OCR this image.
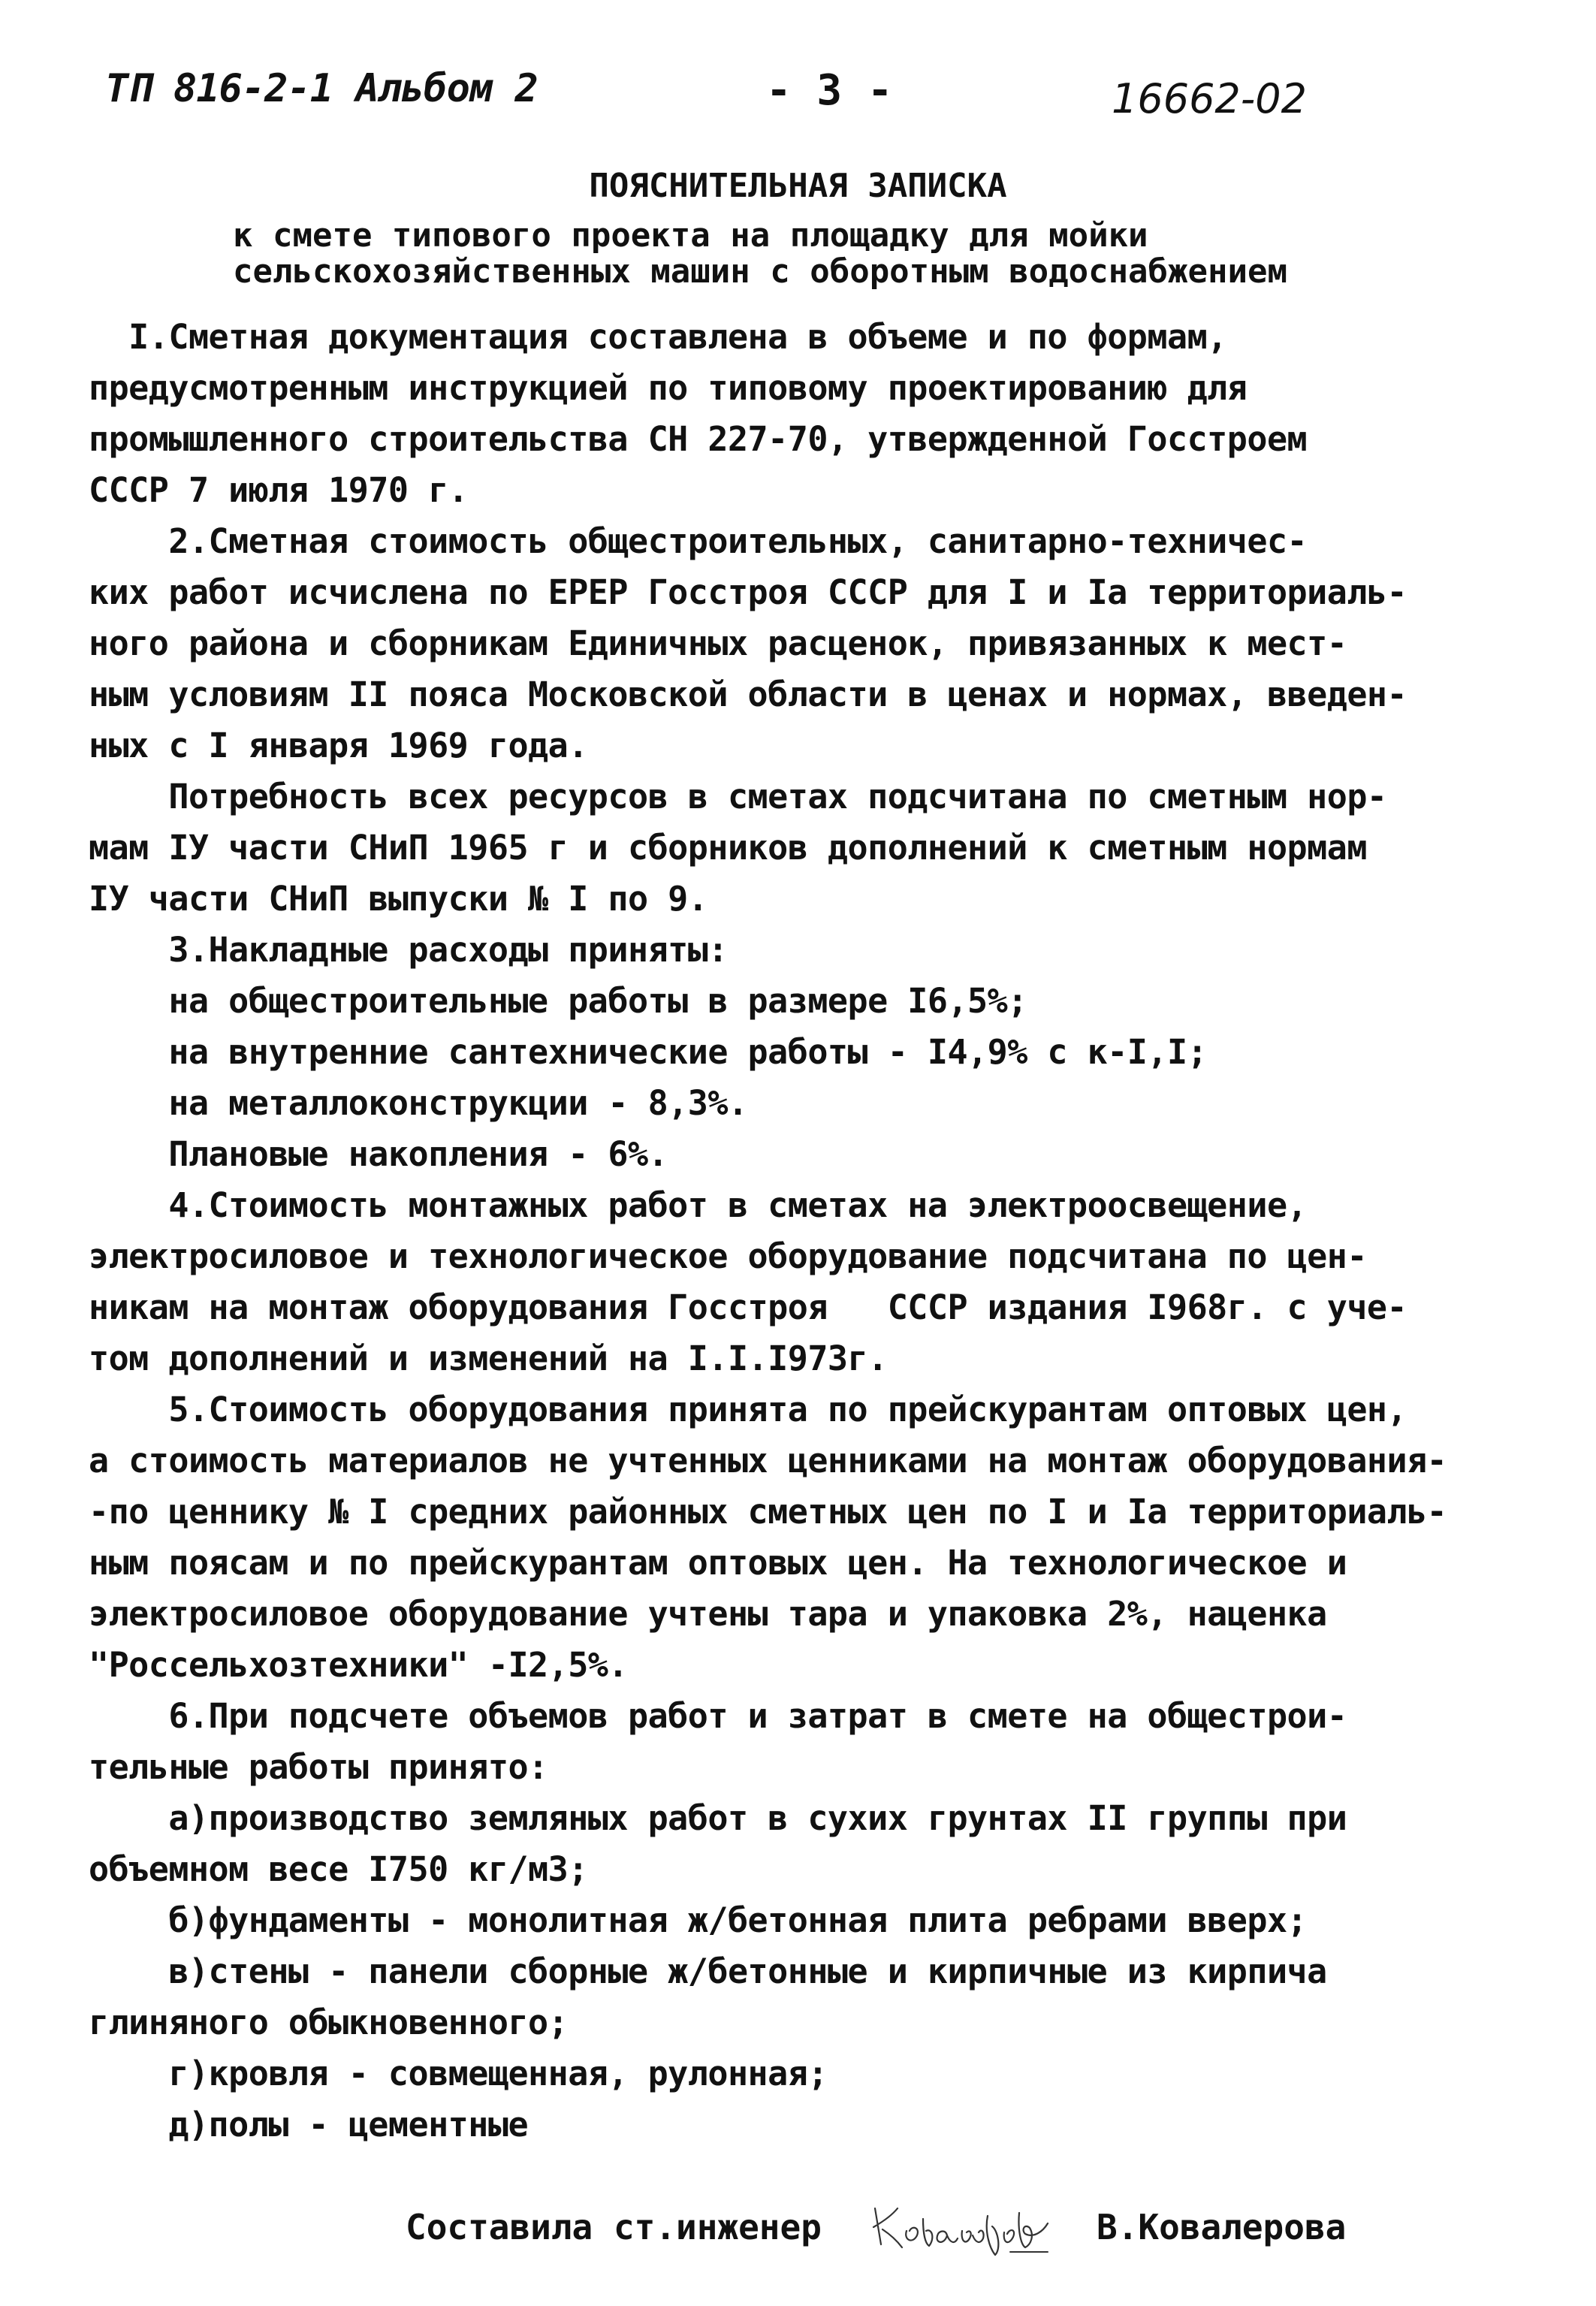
ТП 816-2-1 Альбом 2	- 3 -	16662-02
ПОЯСНИТЕЛЬНАЯ ЗАПИСКА
к смете типового проекта на площадку для мойки
сельскохозяйственных машин с оборотным водоснабжением
I.Сметная документация составлена в объеме и по формам,
предусмотренным инструкцией по типовому проектированию для
промышленного строительства СН 227-70, утвержденной Госстроем
СССР 7 июля 1970 г.
2.Сметная стоимость общестроительных, санитарно-техничес-
ких работ исчислена по ЕРЕР Госстроя СССР для I и Iа территориаль-
ного района и сборникам Единичных расценок, привязанных к мест-
ным условиям II пояса Московской области в ценах и нормах, введен-
ных с I января 1969 года.
Потребность всех ресурсов в сметах подсчитана по сметным нор-
мам IУ части СНиП 1965 г и сборников дополнений к сметным нормам
IУ части СНиП выпуски № I по 9.
3.Накладные расходы приняты:
на общестроительные работы в размере I6,5%;
на внутренние сантехнические работы - I4,9% с к-I,I;
на металлоконструкции - 8,3%.
Плановые накопления - 6%.
4.Стоимость монтажных работ в сметах на электроосвещение,
электросиловое и технологическое оборудование подсчитана по цен-
никам на монтаж оборудования Госстроя   СССР издания I968г. с уче-
том дополнений и изменений на I.I.I973г.
5.Стоимость оборудования принята по прейскурантам оптовых цен,
а стоимость материалов не учтенных ценниками на монтаж оборудования-
-по ценнику № I средних районных сметных цен по I и Iа территориаль-
ным поясам и по прейскурантам оптовых цен. На технологическое и
электросиловое оборудование учтены тара и упаковка 2%, наценка
"Россельхозтехники" -I2,5%.
6.При подсчете объемов работ и затрат в смете на общестрои-
тельные работы принято:
а)производство земляных работ в сухих грунтах II группы при
объемном весе I750 кг/м3;
б)фундаменты - монолитная ж/бетонная плита ребрами вверх;
в)стены - панели сборные ж/бетонные и кирпичные из кирпича
глиняного обыкновенного;
г)кровля - совмещенная, рулонная;
д)полы - цементные
Составила ст.инженер	В.Ковалерова
